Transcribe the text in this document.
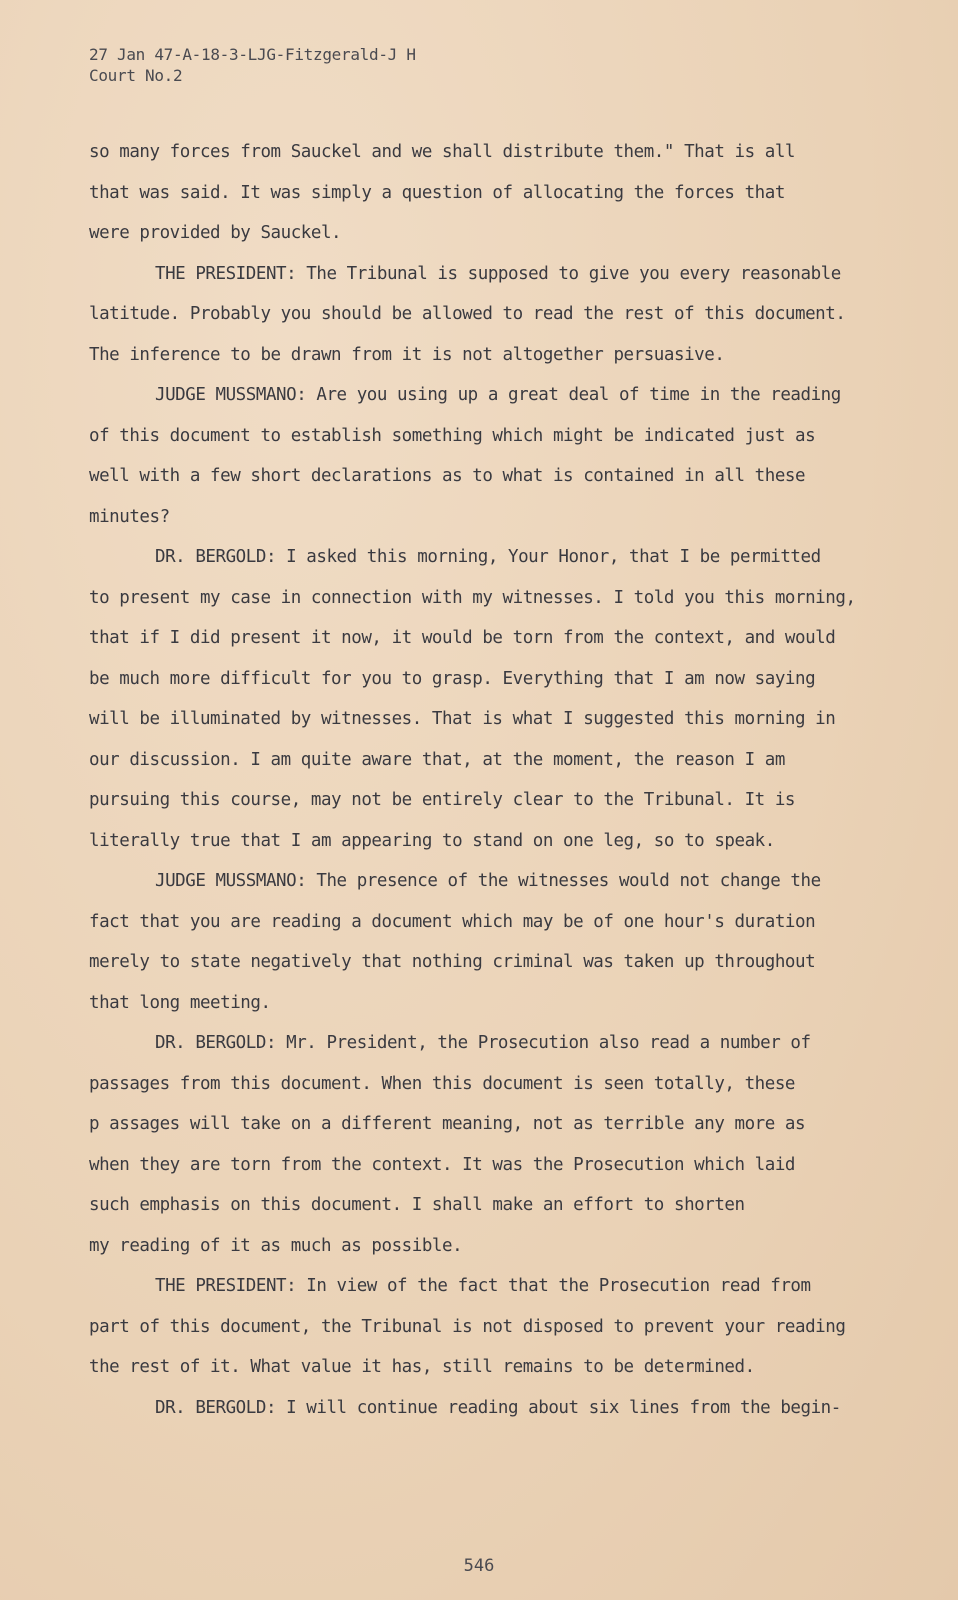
27 Jan 47-A-18-3-LJG-Fitzgerald-J H
Court No.2
so many forces from Sauckel and we shall distribute them." That is all
that was said. It was simply a question of allocating the forces that
were provided by Sauckel.
THE PRESIDENT: The Tribunal is supposed to give you every reasonable
latitude. Probably you should be allowed to read the rest of this document.
The inference to be drawn from it is not altogether persuasive.
JUDGE MUSSMANO: Are you using up a great deal of time in the reading
of this document to establish something which might be indicated just as
well with a few short declarations as to what is contained in all these
minutes?
DR. BERGOLD: I asked this morning, Your Honor, that I be permitted
to present my case in connection with my witnesses. I told you this morning,
that if I did present it now, it would be torn from the context, and would
be much more difficult for you to grasp. Everything that I am now saying
will be illuminated by witnesses. That is what I suggested this morning in
our discussion. I am quite aware that, at the moment, the reason I am
pursuing this course, may not be entirely clear to the Tribunal. It is
literally true that I am appearing to stand on one leg, so to speak.
JUDGE MUSSMANO: The presence of the witnesses would not change the
fact that you are reading a document which may be of one hour's duration
merely to state negatively that nothing criminal was taken up throughout
that long meeting.
DR. BERGOLD: Mr. President, the Prosecution also read a number of
passages from this document. When this document is seen totally, these
p assages will take on a different meaning, not as terrible any more as
when they are torn from the context. It was the Prosecution which laid
such emphasis on this document. I shall make an effort to shorten
my reading of it as much as possible.
THE PRESIDENT: In view of the fact that the Prosecution read from
part of this document, the Tribunal is not disposed to prevent your reading
the rest of it. What value it has, still remains to be determined.
DR. BERGOLD: I will continue reading about six lines from the begin-
546
